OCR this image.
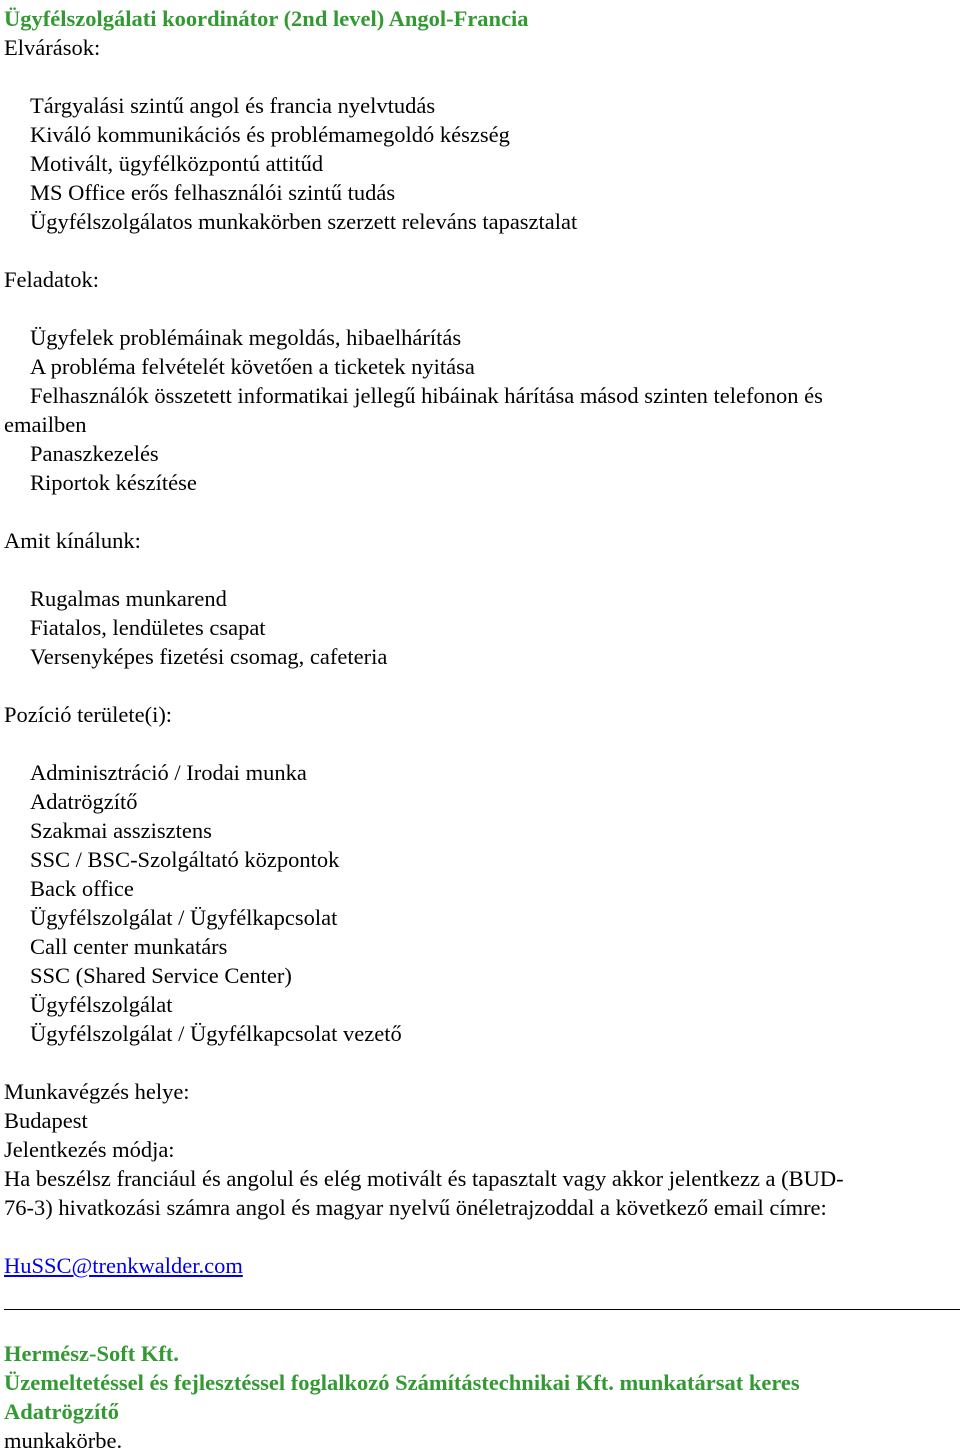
Ügyfélszolgálati koordinátor (2nd level) Angol-Francia

Elvárások:

Tárgyalási szintű angol és francia nyelvtudás
Kiváló kommunikációs és problémamegoldó készség
Motivált, ügyfélközpontú attitűd
MS Office erős felhasználói szintű tudás
Ügyfélszolgálatos munkakörben szerzett releváns tapasztalat

Feladatok:

Ügyfelek problémáinak megoldás, hibaelhárítás
A probléma felvételét követően a ticketek nyitása
Felhasználók összetett informatikai jellegű hibáinak hárítása másod szinten telefonon és
emailben
Panaszkezelés
Riportok készítése

Amit kínálunk:

Rugalmas munkarend
Fiatalos, lendületes csapat
Versenyképes fizetési csomag, cafeteria

Pozíció területe(i):

Adminisztráció / Irodai munka
Adatrögzítő
Szakmai asszisztens
SSC / BSC-Szolgáltató központok
Back office
Ügyfélszolgálat / Ügyfélkapcsolat
Call center munkatárs
SSC (Shared Service Center)
Ügyfélszolgálat
Ügyfélszolgálat / Ügyfélkapcsolat vezető

Munkavégzés helye:

Budapest

Jelentkezés módja:

Ha beszélsz franciául és angolul és elég motivált és tapasztalt vagy akkor jelentkezz a (BUD-

76-3) hivatkozási számra angol és magyar nyelvű önéletrajzoddal a következő email címre:

HuSSC@trenkwalder.com

Hermész-Soft Kft.

Üzemeltetéssel és fejlesztéssel foglalkozó Számítástechnikai Kft. munkatársat keres

Adatrögzítő

munkakörbe.
